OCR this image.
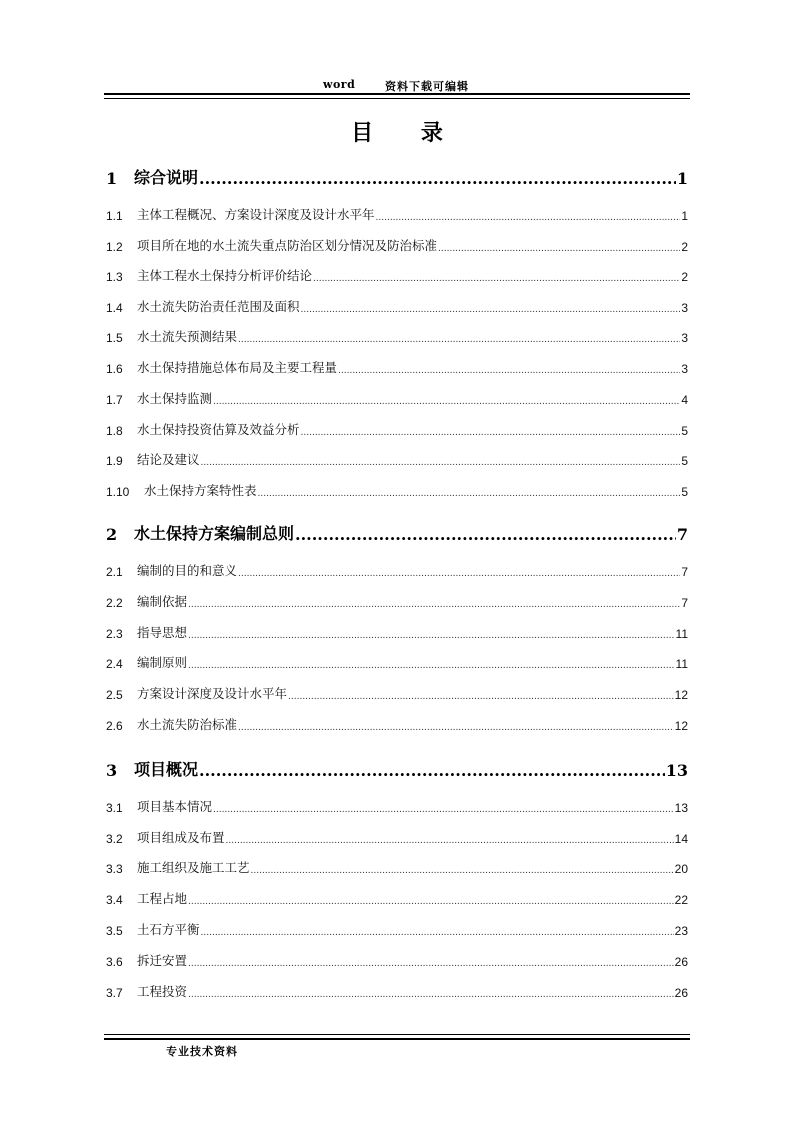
word	资料下载可编辑
目 录
1	综合说明 .....	1
1.1	主体工程概况、方案设计深度及设计水平年 .....	1
1.2	项目所在地的水土流失重点防治区划分情况及防治标准 .....	2
1.3	主体工程水土保持分析评价结论 .....	2
1.4	水土流失防治责任范围及面积 .....	3
1.5	水土流失预测结果 .....	3
1.6	水土保持措施总体布局及主要工程量 .....	3
1.7	水土保持监测 .....	4
1.8	水土保持投资估算及效益分析 .....	5
1.9	结论及建议 .....	5
1.10	水土保持方案特性表 .....	5
2	水土保持方案编制总则 .....	7
2.1	编制的目的和意义 .....	7
2.2	编制依据 .....	7
2.3	指导思想 .....	11
2.4	编制原则 .....	11
2.5	方案设计深度及设计水平年 .....	12
2.6	水土流失防治标准 .....	12
3	项目概况 .....	13
3.1	项目基本情况 .....	13
3.2	项目组成及布置 .....	14
3.3	施工组织及施工工艺 .....	20
3.4	工程占地 .....	22
3.5	土石方平衡 .....	23
3.6	拆迁安置 .....	26
3.7	工程投资 .....	26
专业技术资料
